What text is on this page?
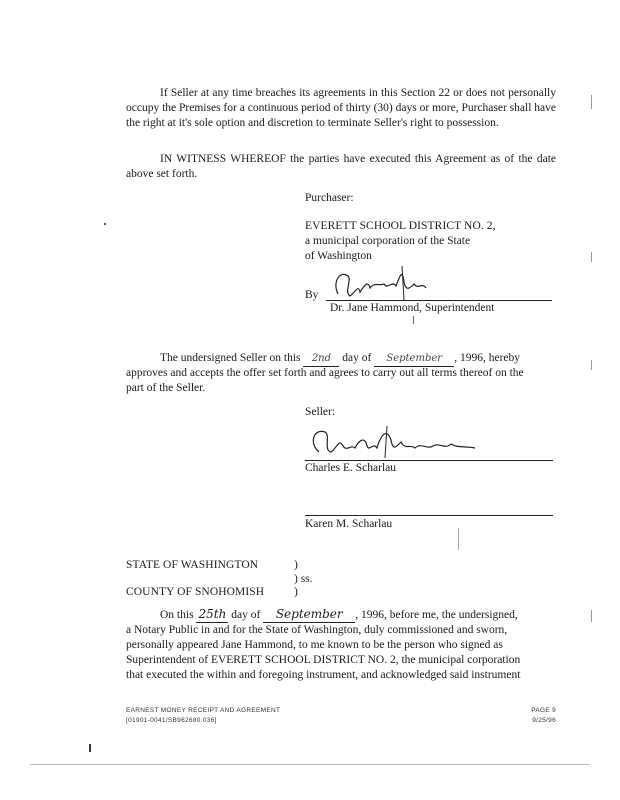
If Seller at any time breaches its agreements in this Section 22 or does not personally occupy the Premises for a continuous period of thirty (30) days or more, Purchaser shall have the right at it's sole option and discretion to terminate Seller's right to possession.
IN WITNESS WHEREOF the parties have executed this Agreement as of the date above set forth.
Purchaser:
EVERETT SCHOOL DISTRICT NO. 2,
a municipal corporation of the State
of Washington
By
Dr. Jane Hammond, Superintendent
The undersigned Seller on this 2nd day of September , 1996, hereby
approves and accepts the offer set forth and agrees to carry out all terms thereof on the
part of the Seller.
Seller:
Charles E. Scharlau
Karen M. Scharlau
STATE OF WASHINGTON	)
) ss.
COUNTY OF SNOHOMISH	)
On this 25th day of September , 1996, before me, the undersigned,
a Notary Public in and for the State of Washington, duly commissioned and sworn,
personally appeared Jane Hammond, to me known to be the person who signed as
Superintendent of EVERETT SCHOOL DISTRICT NO. 2, the municipal corporation
that executed the within and foregoing instrument, and acknowledged said instrument
EARNEST MONEY RECEIPT AND AGREEMENT
[01901-0041/SB962680.036]
PAGE 9
9/25/96
